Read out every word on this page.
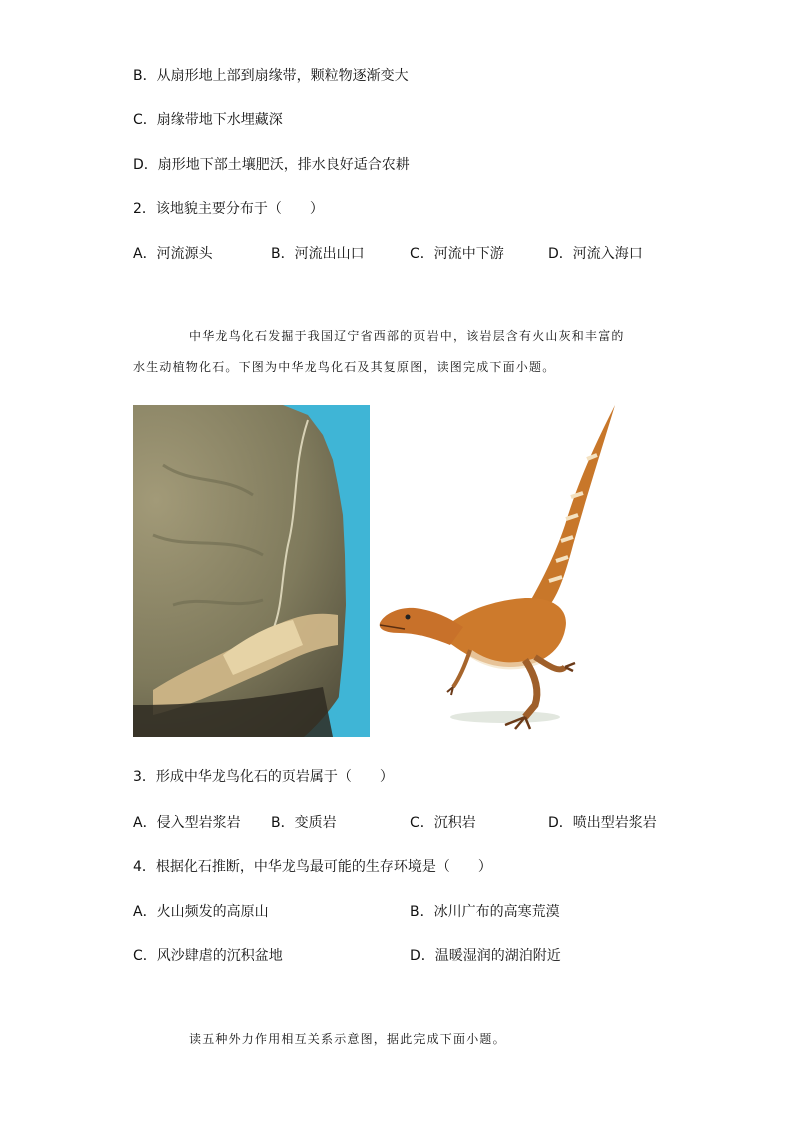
B．从扇形地上部到扇缘带，颗粒物逐渐变大
C．扇缘带地下水埋藏深
D．扇形地下部土壤肥沃，排水良好适合农耕
2．该地貌主要分布于（　　）
A．河流源头	B．河流出山口	C．河流中下游	D．河流入海口
中华龙鸟化石发掘于我国辽宁省西部的页岩中，该岩层含有火山灰和丰富的
水生动植物化石。下图为中华龙鸟化石及其复原图，读图完成下面小题。
3．形成中华龙鸟化石的页岩属于（　　）
A．侵入型岩浆岩 B．变质岩	C．沉积岩	D．喷出型岩浆岩
4．根据化石推断，中华龙鸟最可能的生存环境是（　　）
A．火山频发的高原山	B．冰川广布的高寒荒漠
C．风沙肆虐的沉积盆地	D．温暖湿润的湖泊附近
读五种外力作用相互关系示意图，据此完成下面小题。
